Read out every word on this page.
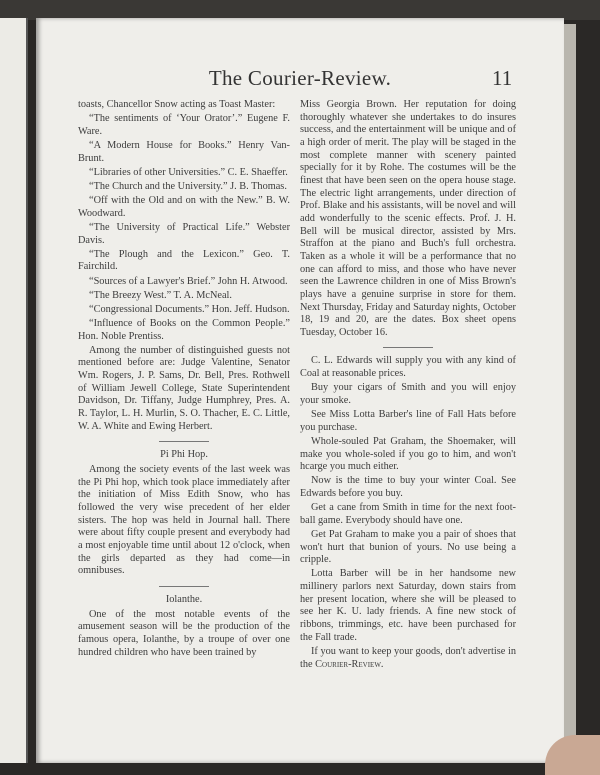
The Courier-Review.	11

toasts, Chancellor Snow acting as Toast Master:

“The sentiments of ‘Your Orator’.” Eugene F. Ware.

“A Modern House for Books.” Henry Van-Brunt.

“Libraries of other Universities.” C. E. Shaeffer.

“The Church and the University.” J. B. Thomas.

“Off with the Old and on with the New.” B. W. Woodward.

“The University of Practical Life.” Webster Davis.

“The Plough and the Lexicon.” Geo. T. Fairchild.

“Sources of a Lawyer's Brief.” John H. Atwood.

“The Breezy West.” T. A. McNeal.

“Congressional Documents.” Hon. Jeff. Hudson.

“Influence of Books on the Common People.” Hon. Noble Prentiss.

Among the number of distinguished guests not mentioned before are: Judge Valentine, Senator Wm. Rogers, J. P. Sams, Dr. Bell, Pres. Rothwell of William Jewell College, State Superintendent Davidson, Dr. Tiffany, Judge Humphrey, Pres. A. R. Taylor, L. H. Murlin, S. O. Thacher, E. C. Little, W. A. White and Ewing Herbert.

Pi Phi Hop.

Among the society events of the last week was the Pi Phi hop, which took place immediately after the initiation of Miss Edith Snow, who has followed the very wise precedent of her elder sisters. The hop was held in Journal hall. There were about fifty couple present and everybody had a most enjoyable time until about 12 o'clock, when the girls departed as they had come—in omnibuses.

Iolanthe.

One of the most notable events of the amusement season will be the production of the famous opera, Iolanthe, by a troupe of over one hundred children who have been trained by

Miss Georgia Brown. Her reputation for doing thoroughly whatever she undertakes to do insures success, and the entertainment will be unique and of a high order of merit. The play will be staged in the most complete manner with scenery painted specially for it by Rohe. The costumes will be the finest that have been seen on the opera house stage. The electric light arrangements, under direction of Prof. Blake and his assistants, will be novel and will add wonderfully to the scenic effects. Prof. J. H. Bell will be musical director, assisted by Mrs. Straffon at the piano and Buch's full orchestra. Taken as a whole it will be a performance that no one can afford to miss, and those who have never seen the Lawrence children in one of Miss Brown's plays have a genuine surprise in store for them. Next Thursday, Friday and Saturday nights, October 18, 19 and 20, are the dates. Box sheet opens Tuesday, October 16.

C. L. Edwards will supply you with any kind of Coal at reasonable prices.

Buy your cigars of Smith and you will enjoy your smoke.

See Miss Lotta Barber's line of Fall Hats before you purchase.

Whole-souled Pat Graham, the Shoemaker, will make you whole-soled if you go to him, and won't hcarge you much either.

Now is the time to buy your winter Coal. See Edwards before you buy.

Get a cane from Smith in time for the next foot-ball game. Everybody should have one.

Get Pat Graham to make you a pair of shoes that won't hurt that bunion of yours. No use being a cripple.

Lotta Barber will be in her handsome new millinery parlors next Saturday, down stairs from her present location, where she will be pleased to see her K. U. lady friends. A fine new stock of ribbons, trimmings, etc. have been purchased for the Fall trade.

If you want to keep your goods, don't advertise in the Courier-Review.
